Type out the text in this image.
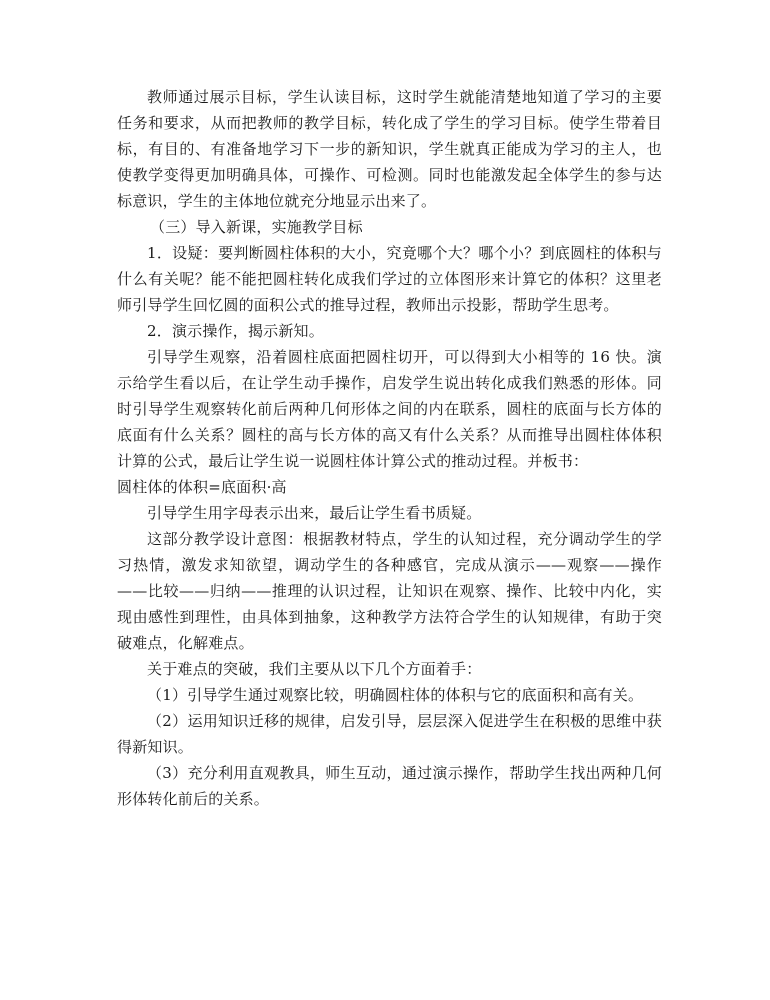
教师通过展示目标，学生认读目标，这时学生就能清楚地知道了学习的主要任务和要求，从而把教师的教学目标，转化成了学生的学习目标。使学生带着目标，有目的、有准备地学习下一步的新知识，学生就真正能成为学习的主人，也使教学变得更加明确具体，可操作、可检测。同时也能激发起全体学生的参与达标意识，学生的主体地位就充分地显示出来了。

（三）导入新课，实施教学目标

1．设疑：要判断圆柱体积的大小，究竟哪个大？哪个小？到底圆柱的体积与什么有关呢？能不能把圆柱转化成我们学过的立体图形来计算它的体积？这里老师引导学生回忆圆的面积公式的推导过程，教师出示投影，帮助学生思考。

2．演示操作，揭示新知。

引导学生观察，沿着圆柱底面把圆柱切开，可以得到大小相等的 16 快。演示给学生看以后，在让学生动手操作，启发学生说出转化成我们熟悉的形体。同时引导学生观察转化前后两种几何形体之间的内在联系，圆柱的底面与长方体的底面有什么关系？圆柱的高与长方体的高又有什么关系？从而推导出圆柱体体积计算的公式，最后让学生说一说圆柱体计算公式的推动过程。并板书：

圆柱体的体积=底面积·高

引导学生用字母表示出来，最后让学生看书质疑。

这部分教学设计意图：根据教材特点，学生的认知过程，充分调动学生的学习热情，激发求知欲望，调动学生的各种感官，完成从演示——观察——操作——比较——归纳——推理的认识过程，让知识在观察、操作、比较中内化，实现由感性到理性，由具体到抽象，这种教学方法符合学生的认知规律，有助于突破难点，化解难点。

关于难点的突破，我们主要从以下几个方面着手：

（1）引导学生通过观察比较，明确圆柱体的体积与它的底面积和高有关。

（2）运用知识迁移的规律，启发引导，层层深入促进学生在积极的思维中获得新知识。

（3）充分利用直观教具，师生互动，通过演示操作，帮助学生找出两种几何形体转化前后的关系。
